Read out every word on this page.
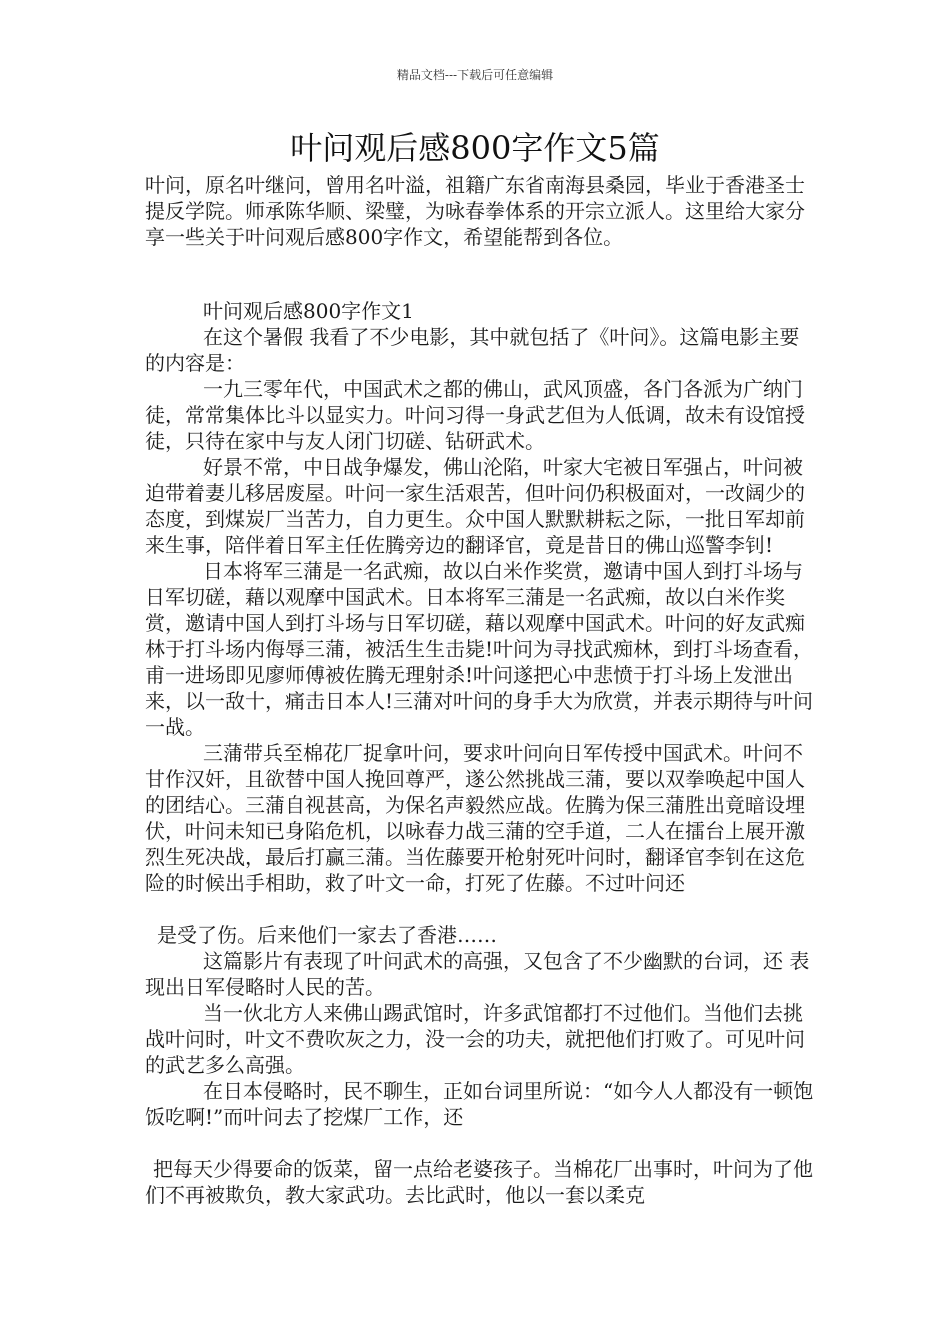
精品文档---下载后可任意编辑
叶问观后感800字作文5篇

叶问，原名叶继问，曾用名叶溢，祖籍广东省南海县桑园，毕业于香港圣士提反学院。师承陈华顺、梁璧，为咏春拳体系的开宗立派人。这里给大家分享一些关于叶问观后感800字作文，希望能帮到各位。

叶问观后感800字作文1

在这个暑假 我看了不少电影，其中就包括了《叶问》。这篇电影主要的内容是：

一九三零年代，中国武术之都的佛山，武风顶盛，各门各派为广纳门徒，常常集体比斗以显实力。叶问习得一身武艺但为人低调，故未有设馆授徒，只待在家中与友人闭门切磋、钻研武术。

好景不常，中日战争爆发，佛山沦陷，叶家大宅被日军强占，叶问被迫带着妻儿移居废屋。叶问一家生活艰苦，但叶问仍积极面对，一改阔少的态度，到煤炭厂当苦力，自力更生。众中国人默默耕耘之际，一批日军却前来生事，陪伴着日军主任佐腾旁边的翻译官，竟是昔日的佛山巡警李钊!

日本将军三蒲是一名武痴，故以白米作奖赏，邀请中国人到打斗场与日军切磋，藉以观摩中国武术。日本将军三蒲是一名武痴，故以白米作奖赏，邀请中国人到打斗场与日军切磋，藉以观摩中国武术。叶问的好友武痴林于打斗场内侮辱三蒲，被活生生击毙!叶问为寻找武痴林，到打斗场查看，甫一进场即见廖师傅被佐腾无理射杀!叶问遂把心中悲愤于打斗场上发泄出来，以一敌十，痛击日本人!三蒲对叶问的身手大为欣赏，并表示期待与叶问一战。

三蒲带兵至棉花厂捉拿叶问，要求叶问向日军传授中国武术。叶问不甘作汉奸，且欲替中国人挽回尊严，遂公然挑战三蒲，要以双拳唤起中国人的团结心。三蒲自视甚高，为保名声毅然应战。佐腾为保三蒲胜出竟暗设埋伏，叶问未知已身陷危机，以咏春力战三蒲的空手道，二人在擂台上展开激烈生死决战，最后打赢三蒲。当佐藤要开枪射死叶问时，翻译官李钊在这危险的时候出手相助，救了叶文一命，打死了佐藤。不过叶问还

是受了伤。后来他们一家去了香港……

这篇影片有表现了叶问武术的高强，又包含了不少幽默的台词，还 表现出日军侵略时人民的苦。

当一伙北方人来佛山踢武馆时，许多武馆都打不过他们。当他们去挑战叶问时，叶文不费吹灰之力，没一会的功夫，就把他们打败了。可见叶问的武艺多么高强。

在日本侵略时，民不聊生，正如台词里所说：“如今人人都没有一顿饱饭吃啊!”而叶问去了挖煤厂工作，还

把每天少得要命的饭菜，留一点给老婆孩子。当棉花厂出事时，叶问为了他们不再被欺负，教大家武功。去比武时，他以一套以柔克
